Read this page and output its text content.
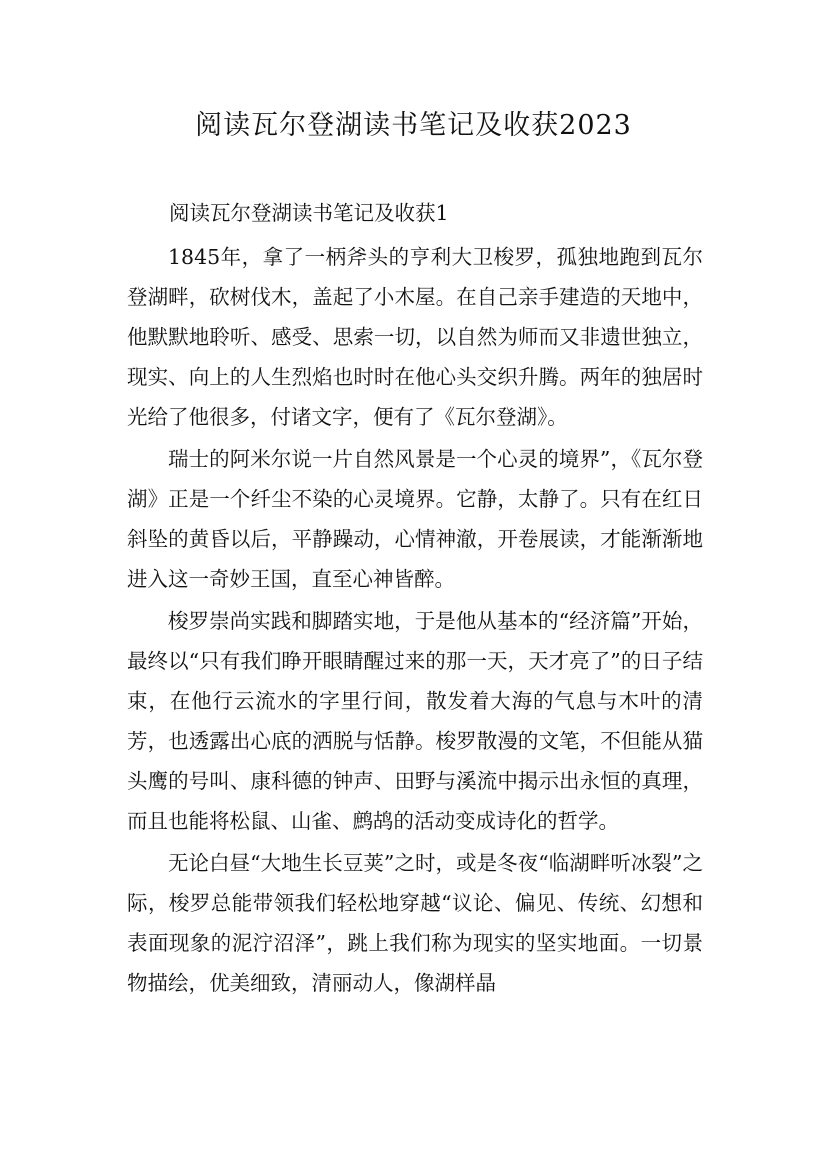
阅读瓦尔登湖读书笔记及收获2023

阅读瓦尔登湖读书笔记及收获1

1845年，拿了一柄斧头的亨利大卫梭罗，孤独地跑到瓦尔登湖畔，砍树伐木，盖起了小木屋。在自己亲手建造的天地中，他默默地聆听、感受、思索一切，以自然为师而又非遗世独立，现实、向上的人生烈焰也时时在他心头交织升腾。两年的独居时光给了他很多，付诸文字，便有了《瓦尔登湖》。

瑞士的阿米尔说一片自然风景是一个心灵的境界”，《瓦尔登湖》正是一个纤尘不染的心灵境界。它静，太静了。只有在红日斜坠的黄昏以后，平静躁动，心情神澈，开卷展读，才能渐渐地进入这一奇妙王国，直至心神皆醉。

梭罗崇尚实践和脚踏实地，于是他从基本的“经济篇”开始，最终以“只有我们睁开眼睛醒过来的那一天，天才亮了”的日子结束，在他行云流水的字里行间，散发着大海的气息与木叶的清芳，也透露出心底的洒脱与恬静。梭罗散漫的文笔，不但能从猫头鹰的号叫、康科德的钟声、田野与溪流中揭示出永恒的真理，而且也能将松鼠、山雀、鹧鸪的活动变成诗化的哲学。

无论白昼“大地生长豆荚”之时，或是冬夜“临湖畔听冰裂”之际，梭罗总能带领我们轻松地穿越“议论、偏见、传统、幻想和表面现象的泥泞沼泽”，跳上我们称为现实的坚实地面。一切景物描绘，优美细致，清丽动人，像湖样晶
